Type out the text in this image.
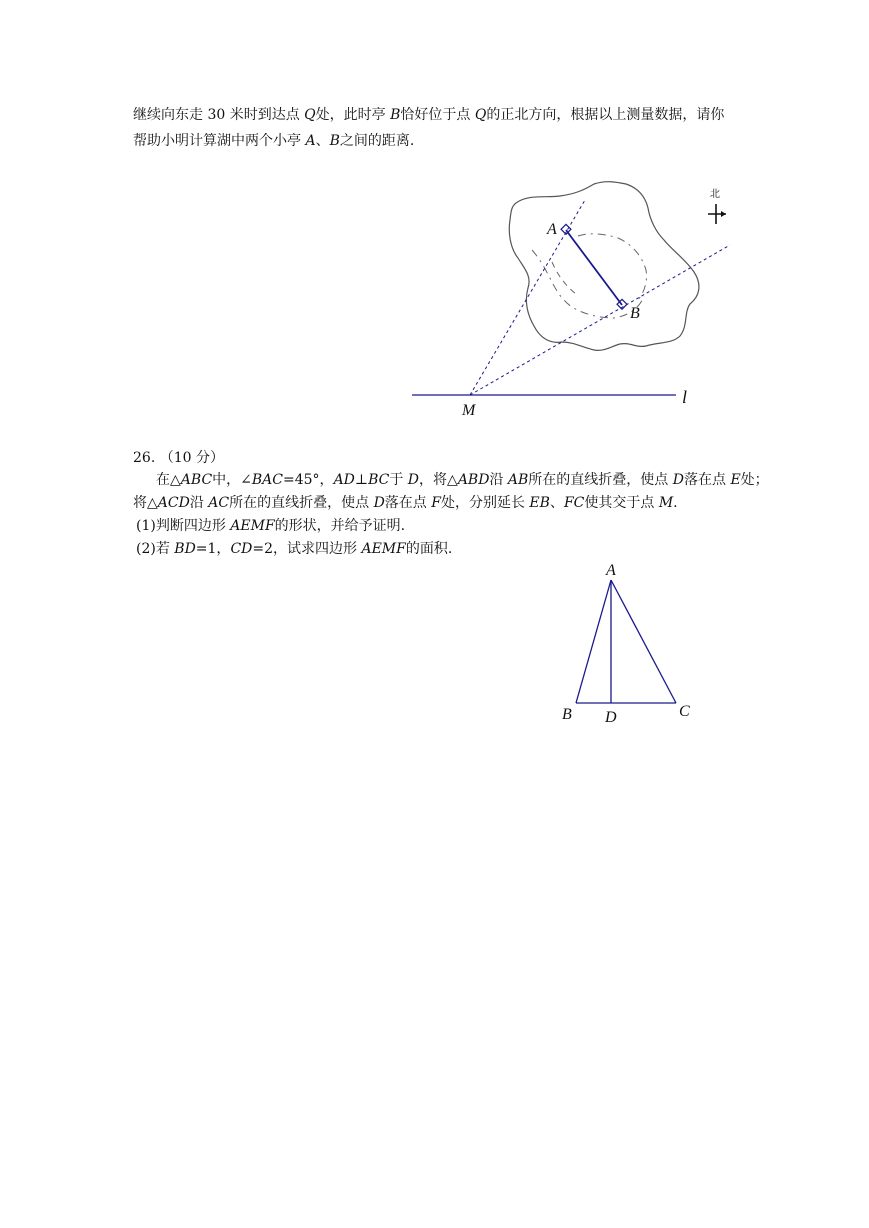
继续向东走 30 米时到达点 Q处，此时亭 B恰好位于点 Q的正北方向，根据以上测量数据，请你
帮助小明计算湖中两个小亭 A、B之间的距离.
A
B
M
l
北
26. （10 分）
在△ABC中，∠BAC=45°，AD⊥BC于 D，将△ABD沿 AB所在的直线折叠，使点 D落在点 E处；
将△ACD沿 AC所在的直线折叠，使点 D落在点 F处，分别延长 EB、FC使其交于点 M.
(1)判断四边形 AEMF的形状，并给予证明.
(2)若 BD=1，CD=2，试求四边形 AEMF的面积.
A
B D	C
